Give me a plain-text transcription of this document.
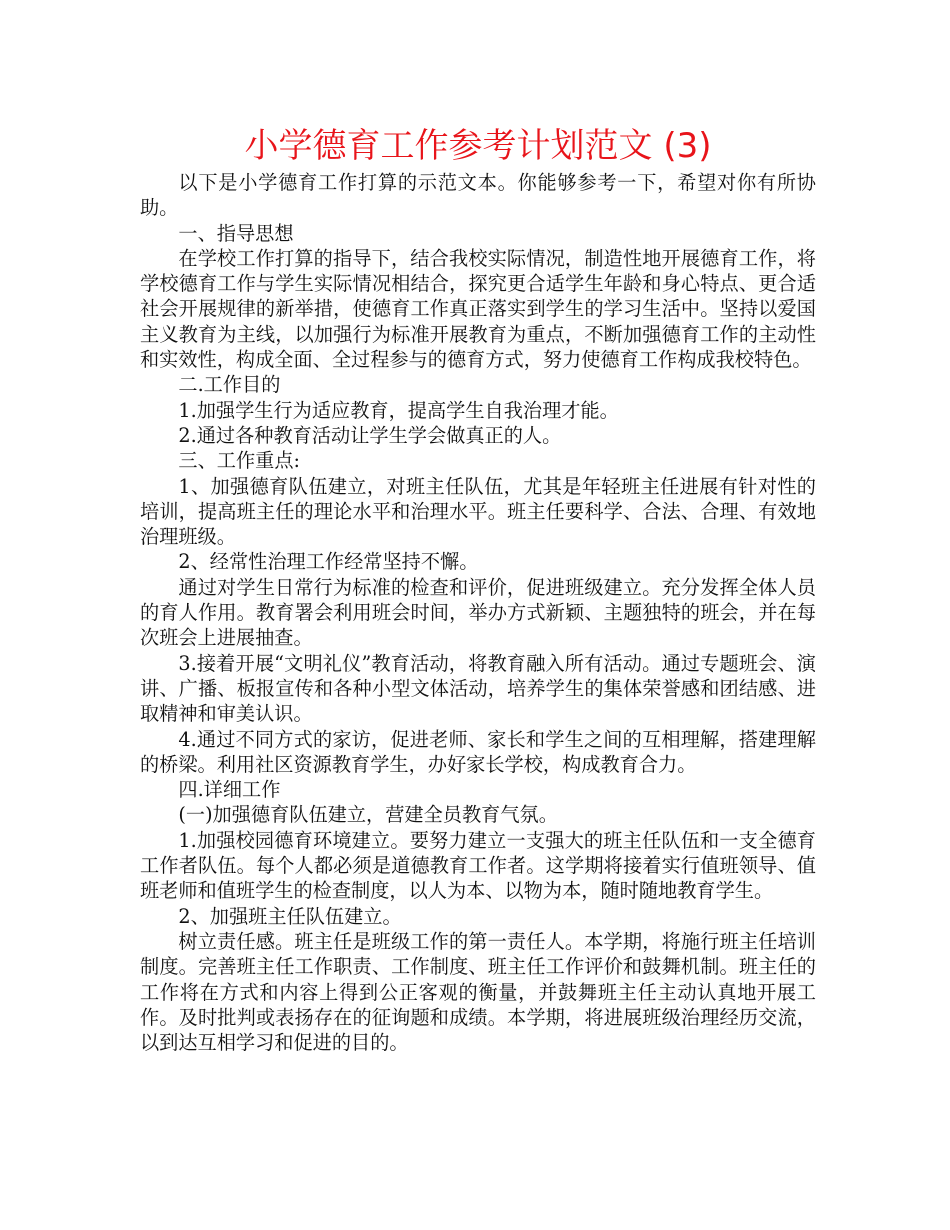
小学德育工作参考计划范文 (3)

以下是小学德育工作打算的示范文本。你能够参考一下，希望对你有所协助。

一、指导思想

在学校工作打算的指导下，结合我校实际情况，制造性地开展德育工作，将学校德育工作与学生实际情况相结合，探究更合适学生年龄和身心特点、更合适社会开展规律的新举措，使德育工作真正落实到学生的学习生活中。坚持以爱国主义教育为主线，以加强行为标准开展教育为重点，不断加强德育工作的主动性和实效性，构成全面、全过程参与的德育方式，努力使德育工作构成我校特色。

二.工作目的

1.加强学生行为适应教育，提高学生自我治理才能。

2.通过各种教育活动让学生学会做真正的人。

三、工作重点:

1、加强德育队伍建立，对班主任队伍，尤其是年轻班主任进展有针对性的培训，提高班主任的理论水平和治理水平。班主任要科学、合法、合理、有效地治理班级。

2、经常性治理工作经常坚持不懈。

通过对学生日常行为标准的检查和评价，促进班级建立。充分发挥全体人员的育人作用。教育署会利用班会时间，举办方式新颖、主题独特的班会，并在每次班会上进展抽查。

3.接着开展“文明礼仪”教育活动，将教育融入所有活动。通过专题班会、演讲、广播、板报宣传和各种小型文体活动，培养学生的集体荣誉感和团结感、进取精神和审美认识。

4.通过不同方式的家访，促进老师、家长和学生之间的互相理解，搭建理解的桥梁。利用社区资源教育学生，办好家长学校，构成教育合力。

四.详细工作

(一)加强德育队伍建立，营建全员教育气氛。

1.加强校园德育环境建立。要努力建立一支强大的班主任队伍和一支全德育工作者队伍。每个人都必须是道德教育工作者。这学期将接着实行值班领导、值班老师和值班学生的检查制度，以人为本、以物为本，随时随地教育学生。

2、加强班主任队伍建立。

树立责任感。班主任是班级工作的第一责任人。本学期，将施行班主任培训制度。完善班主任工作职责、工作制度、班主任工作评价和鼓舞机制。班主任的工作将在方式和内容上得到公正客观的衡量，并鼓舞班主任主动认真地开展工作。及时批判或表扬存在的征询题和成绩。本学期，将进展班级治理经历交流，以到达互相学习和促进的目的。
